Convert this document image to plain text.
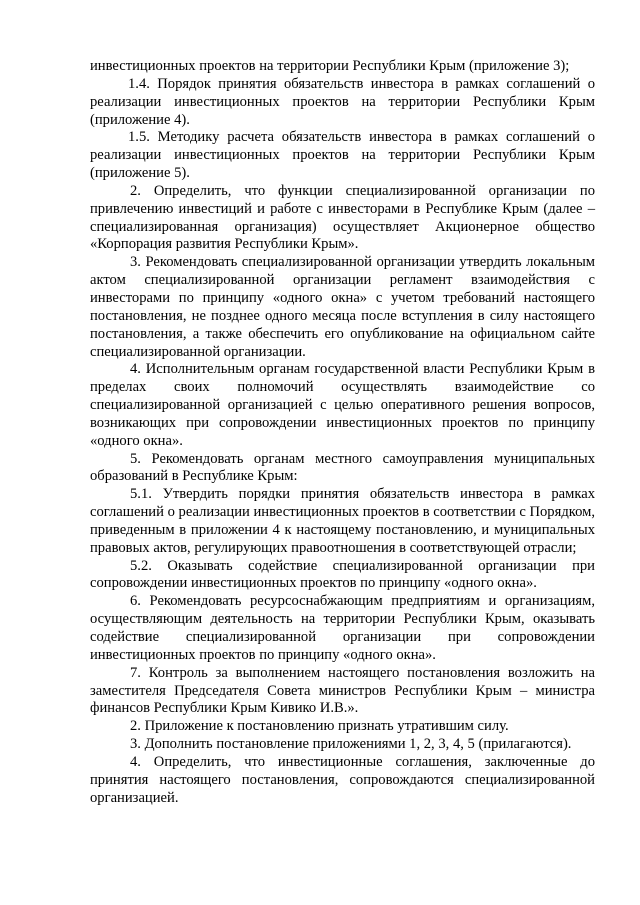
инвестиционных проектов на территории Республики Крым (приложение 3);

1.4. Порядок принятия обязательств инвестора в рамках соглашений о реализации инвестиционных проектов на территории Республики Крым (приложение 4).

1.5. Методику расчета обязательств инвестора в рамках соглашений о реализации инвестиционных проектов на территории Республики Крым (приложение 5).

2. Определить, что функции специализированной организации по привлечению инвестиций и работе с инвесторами в Республике Крым (далее – специализированная организация) осуществляет Акционерное общество «Корпорация развития Республики Крым».

3. Рекомендовать специализированной организации утвердить локальным актом специализированной организации регламент взаимодействия с инвесторами по принципу «одного окна» с учетом требований настоящего постановления, не позднее одного месяца после вступления в силу настоящего постановления, а также обеспечить его опубликование на официальном сайте специализированной организации.

4. Исполнительным органам государственной власти Республики Крым в пределах своих полномочий осуществлять взаимодействие со специализированной организацией с целью оперативного решения вопросов, возникающих при сопровождении инвестиционных проектов по принципу «одного окна».

5. Рекомендовать органам местного самоуправления муниципальных образований в Республике Крым:

5.1. Утвердить порядки принятия обязательств инвестора в рамках соглашений о реализации инвестиционных проектов в соответствии с Порядком, приведенным в приложении 4 к настоящему постановлению, и муниципальных правовых актов, регулирующих правоотношения в соответствующей отрасли;

5.2. Оказывать содействие специализированной организации при сопровождении инвестиционных проектов по принципу «одного окна».

6. Рекомендовать ресурсоснабжающим предприятиям и организациям, осуществляющим деятельность на территории Республики Крым, оказывать содействие специализированной организации при сопровождении инвестиционных проектов по принципу «одного окна».

7. Контроль за выполнением настоящего постановления возложить на заместителя Председателя Совета министров Республики Крым – министра финансов Республики Крым Кивико И.В.».

2. Приложение к постановлению признать утратившим силу.

3. Дополнить постановление приложениями 1, 2, 3, 4, 5 (прилагаются).

4. Определить, что инвестиционные соглашения, заключенные до принятия настоящего постановления, сопровождаются специализированной организацией.
